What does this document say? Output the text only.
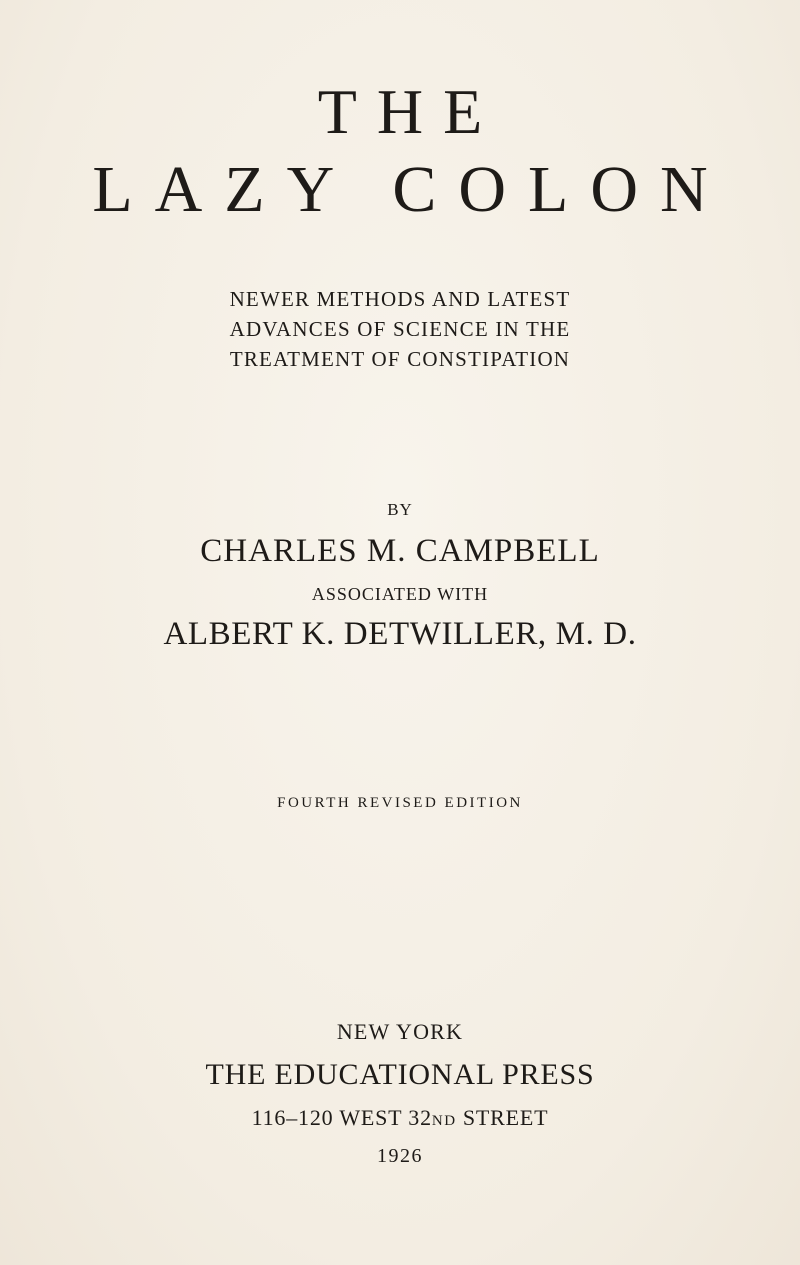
THE
LAZY COLON
NEWER METHODS AND LATEST
ADVANCES OF SCIENCE IN THE
TREATMENT OF CONSTIPATION
BY
CHARLES M. CAMPBELL
ASSOCIATED WITH
ALBERT K. DETWILLER, M. D.
FOURTH REVISED EDITION
NEW YORK
THE EDUCATIONAL PRESS
116–120 WEST 32ND STREET
1926
